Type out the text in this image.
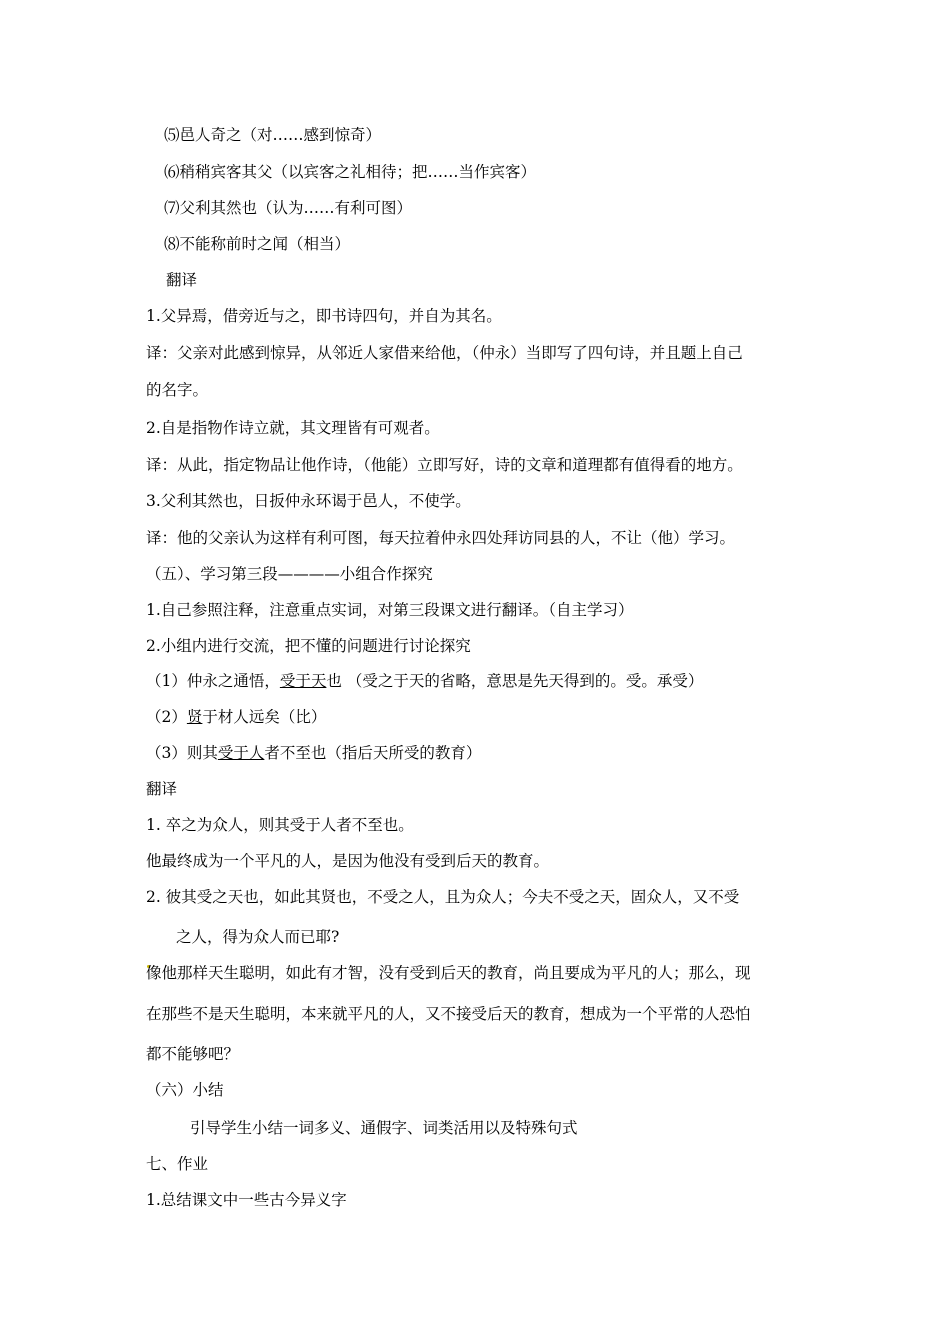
⑸邑人奇之（对……感到惊奇）
⑹稍稍宾客其父（以宾客之礼相待；把……当作宾客）
⑺父利其然也（认为……有利可图）
⑻不能称前时之闻（相当）
翻译
1.父异焉，借旁近与之，即书诗四句，并自为其名。
译：父亲对此感到惊异，从邻近人家借来给他，（仲永）当即写了四句诗，并且题上自己
的名字。
2.自是指物作诗立就，其文理皆有可观者。
译：从此，指定物品让他作诗，（他能）立即写好，诗的文章和道理都有值得看的地方。
3.父利其然也，日扳仲永环谒于邑人，不使学。
译：他的父亲认为这样有利可图，每天拉着仲永四处拜访同县的人，不让（他）学习。
（五）、学习第三段————小组合作探究
1.自己参照注释，注意重点实词，对第三段课文进行翻译。（自主学习）
2.小组内进行交流，把不懂的问题进行讨论探究
（1）仲永之通悟，受于天也 （受之于天的省略，意思是先天得到的。受。承受）
（2）贤于材人远矣（比）
（3）则其受于人者不至也（指后天所受的教育）
翻译
1. 卒之为众人，则其受于人者不至也。
他最终成为一个平凡的人，是因为他没有受到后天的教育。
2. 彼其受之天也，如此其贤也，不受之人，且为众人；今夫不受之天，固众人，又不受
之人，得为众人而已耶?
像他那样天生聪明，如此有才智，没有受到后天的教育，尚且要成为平凡的人；那么，现
在那些不是天生聪明，本来就平凡的人，又不接受后天的教育，想成为一个平常的人恐怕
都不能够吧？
（六）小结
引导学生小结一词多义、通假字、词类活用以及特殊句式
七、作业
1.总结课文中一些古今异义字
